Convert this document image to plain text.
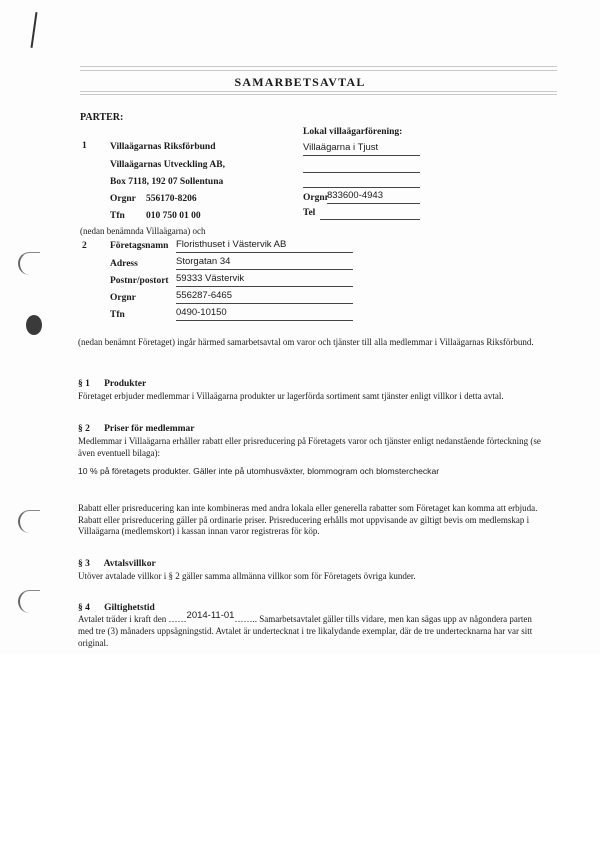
SAMARBETSAVTAL
PARTER:
1 Villaägarnas Riksförbund
Villaägarnas Utveckling AB,
Box 7118, 192 07 Sollentuna
Orgnr 556170-8206
Tfn 010 750 01 00
(nedan benämnda Villaägarna) och
Lokal villaägarförening:
Villaägarna i Tjust
Orgnr
833600-4943
Tel
2 Företagsnamn Floristhuset i Västervik AB
Adress	Storgatan 34
Postnr/postort 59333 Västervik
Orgnr	556287-6465
Tfn	0490-10150
(nedan benämnt Företaget) ingår härmed samarbetsavtal om varor och tjänster till alla medlemmar i Villaägarnas Riksförbund.
§ 1      Produkter
Företaget erbjuder medlemmar i Villaägarna produkter ur lagerförda sortiment samt tjänster enligt villkor i detta avtal.
§ 2      Priser för medlemmar
Medlemmar i Villaägarna erhåller rabatt eller prisreducering på Företagets varor och tjänster enligt nedanstående förteckning (se även eventuell bilaga):
10 % på företagets produkter. Gäller inte på utomhusväxter, blommogram och blomstercheckar
Rabatt eller prisreducering kan inte kombineras med andra lokala eller generella rabatter som Företaget kan komma att erbjuda. Rabatt eller prisreducering gäller på ordinarie priser. Prisreducering erhålls mot uppvisande av giltigt bevis om medlemskap i Villaägarna (medlemskort) i kassan innan varor registreras för köp.
§ 3      Avtalsvillkor
Utöver avtalade villkor i § 2 gäller samma allmänna villkor som för Företagets övriga kunder.
§ 4      Giltighetstid
Avtalet träder i kraft den ……2014-11-01…….. Samarbetsavtalet gäller tills vidare, men kan sägas upp av någondera parten
med tre (3) månaders uppsägningstid. Avtalet är undertecknat i tre likalydande exemplar, där de tre undertecknarna har var sitt original.
